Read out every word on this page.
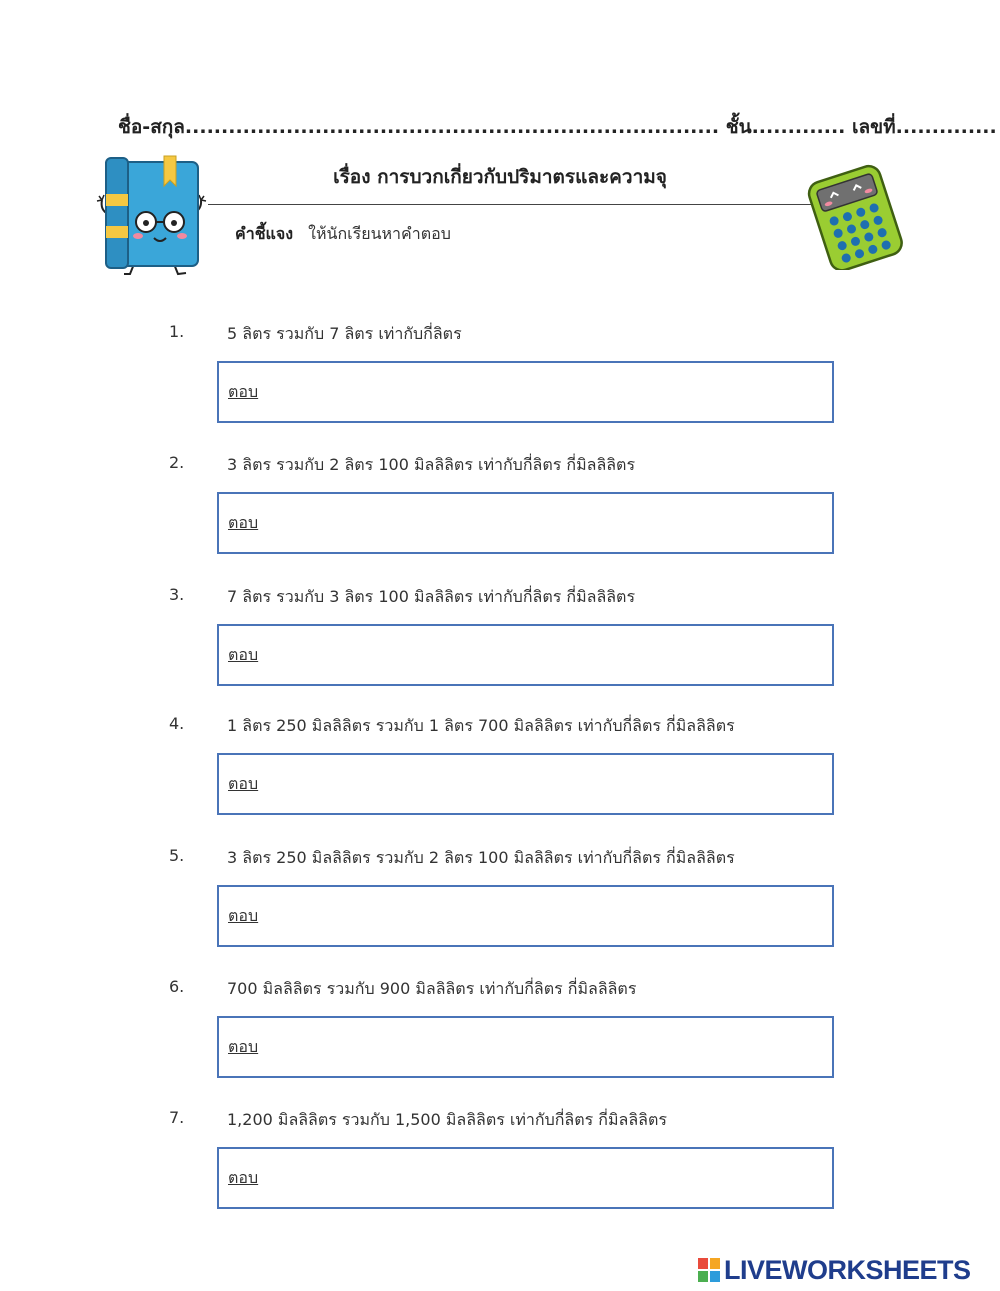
ชื่อ-สกุล.......................................................................... ชั้น............. เลขที่..............
เรื่อง การบวกเกี่ยวกับปริมาตรและความจุ
คำชี้แจง ให้นักเรียนหาคำตอบ
1.	5 ลิตร รวมกับ 7 ลิตร เท่ากับกี่ลิตร
ตอบ
2.	3 ลิตร รวมกับ 2 ลิตร 100 มิลลิลิตร เท่ากับกี่ลิตร กี่มิลลิลิตร
ตอบ
3.	7 ลิตร รวมกับ 3 ลิตร 100 มิลลิลิตร เท่ากับกี่ลิตร กี่มิลลิลิตร
ตอบ
4.	1 ลิตร 250 มิลลิลิตร รวมกับ 1 ลิตร 700 มิลลิลิตร เท่ากับกี่ลิตร กี่มิลลิลิตร
ตอบ
5.	3 ลิตร 250 มิลลิลิตร รวมกับ 2 ลิตร 100 มิลลิลิตร เท่ากับกี่ลิตร กี่มิลลิลิตร
ตอบ
6.	700 มิลลิลิตร รวมกับ 900 มิลลิลิตร เท่ากับกี่ลิตร กี่มิลลิลิตร
ตอบ
7.	1,200 มิลลิลิตร รวมกับ 1,500 มิลลิลิตร เท่ากับกี่ลิตร กี่มิลลิลิตร
ตอบ
LIVEWORKSHEETS
